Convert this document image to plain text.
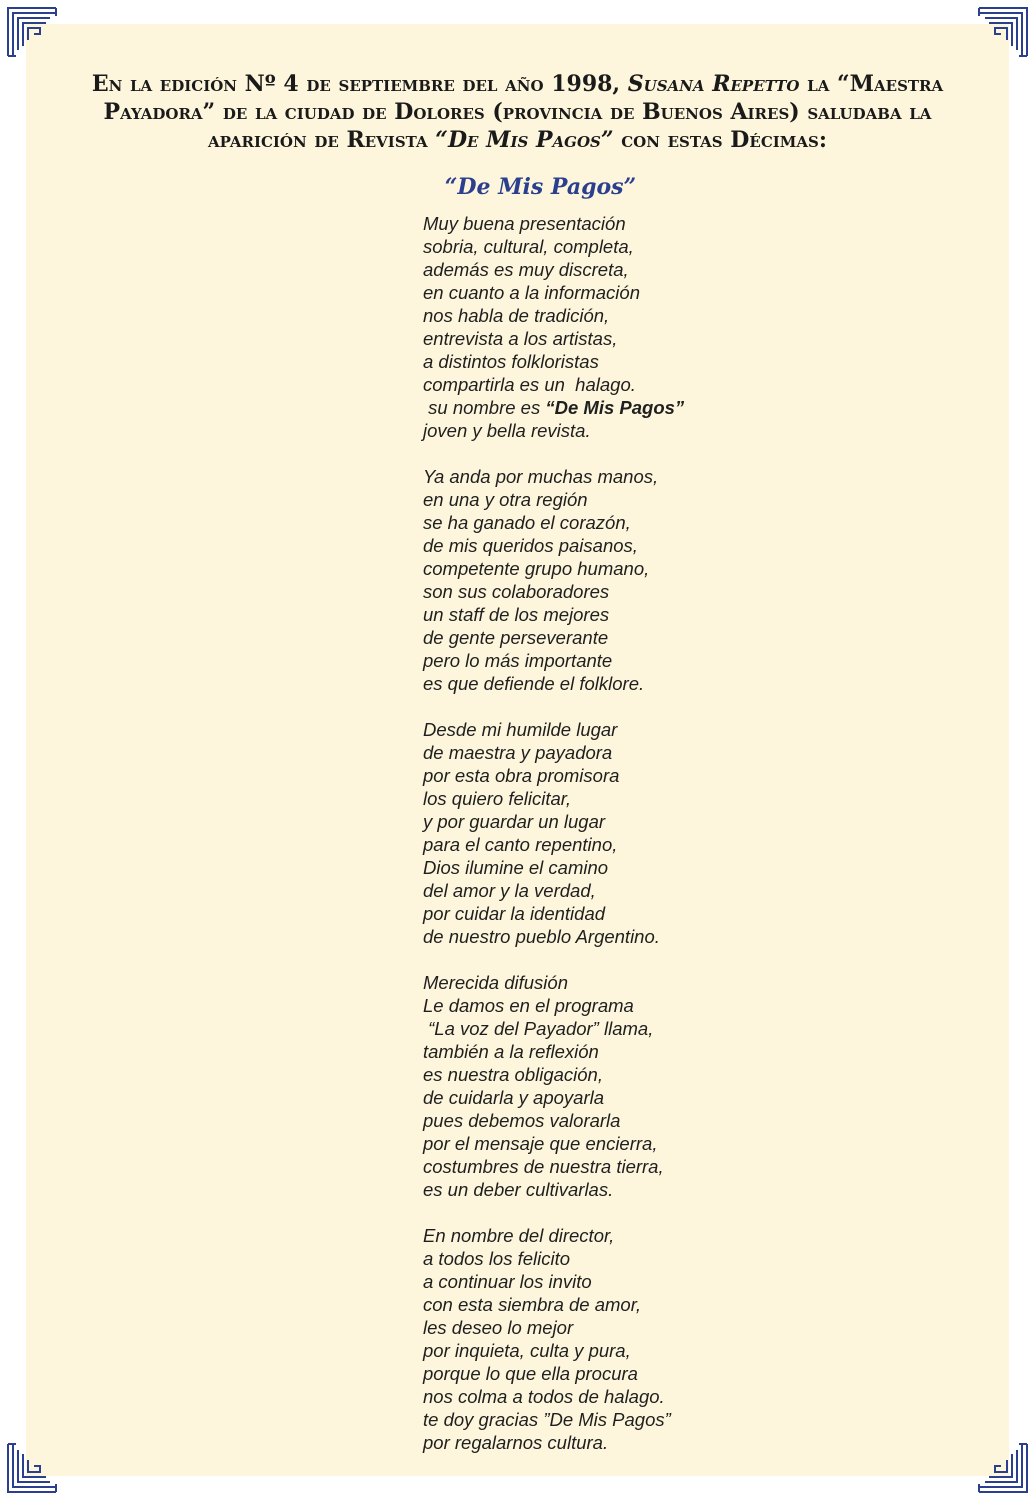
En la edición Nº 4 de septiembre del año 1998, Susana Repetto la “Maestra Payadora” de la ciudad de Dolores (provincia de Buenos Aires) saludaba la aparición de Revista “De Mis Pagos” con estas Décimas:
“De Mis Pagos”
Muy buena presentación
sobria, cultural, completa,
además es muy discreta,
en cuanto a la información
nos habla de tradición,
entrevista a los artistas,
a distintos folkloristas
compartirla es un  halago.
su nombre es “De Mis Pagos”
joven y bella revista.
Ya anda por muchas manos,
en una y otra región
se ha ganado el corazón,
de mis queridos paisanos,
competente grupo humano,
son sus colaboradores
un staff de los mejores
de gente perseverante
pero lo más importante
es que defiende el folklore.
Desde mi humilde lugar
de maestra y payadora
por esta obra promisora
los quiero felicitar,
y por guardar un lugar
para el canto repentino,
Dios ilumine el camino
del amor y la verdad,
por cuidar la identidad
de nuestro pueblo Argentino.
Merecida difusión
Le damos en el programa
“La voz del Payador” llama,
también a la reflexión
es nuestra obligación,
de cuidarla y apoyarla
pues debemos valorarla
por el mensaje que encierra,
costumbres de nuestra tierra,
es un deber cultivarlas.
En nombre del director,
a todos los felicito
a continuar los invito
con esta siembra de amor,
les deseo lo mejor
por inquieta, culta y pura,
porque lo que ella procura
nos colma a todos de halago.
te doy gracias ”De Mis Pagos”
por regalarnos cultura.
